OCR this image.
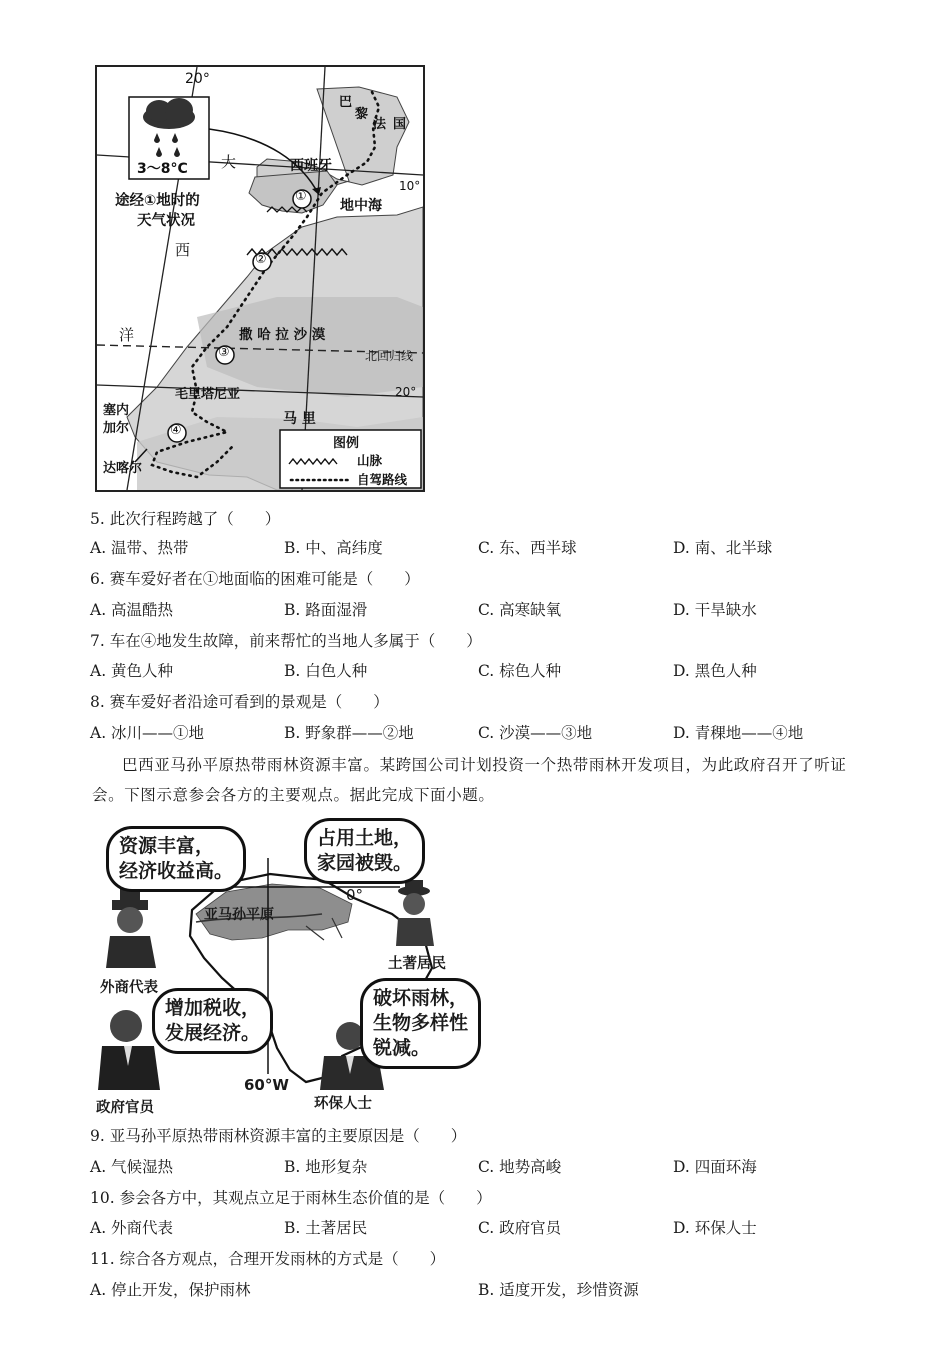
20°
3～8°C
途经①地时的
天气状况
大
西
洋
西班牙
巴
黎
法 国
10°
地中海
撒 哈 拉 沙 漠
北回归线
20°
毛里塔尼亚
塞内
加尔
达喀尔
马 里
①
②
③
④
图例
山脉
自驾路线
5. 此次行程跨越了（　　）
A. 温带、热带	B. 中、高纬度	C. 东、西半球	D. 南、北半球
6. 赛车爱好者在①地面临的困难可能是（　　）
A. 高温酷热	B. 路面湿滑	C. 高寒缺氧	D. 干旱缺水
7. 车在④地发生故障，前来帮忙的当地人多属于（　　）
A. 黄色人种	B. 白色人种	C. 棕色人种	D. 黑色人种
8. 赛车爱好者沿途可看到的景观是（　　）
A. 冰川——①地	B. 野象群——②地	C. 沙漠——③地	D. 青稞地——④地
巴西亚马孙平原热带雨林资源丰富。某跨国公司计划投资一个热带雨林开发项目，为此政府召开了听证会。下图示意参会各方的主要观点。据此完成下面小题。
资源丰富，
经济收益高。
占用土地，
家园被毁。
增加税收，
发展经济。
破坏雨林，
生物多样性
锐减。
亚马孙平原
0°
60°W
外商代表
土著居民
政府官员	环保人士
9. 亚马孙平原热带雨林资源丰富的主要原因是（　　）
A. 气候湿热	B. 地形复杂	C. 地势高峻	D. 四面环海
10. 参会各方中，其观点立足于雨林生态价值的是（　　）
A. 外商代表	B. 土著居民	C. 政府官员	D. 环保人士
11. 综合各方观点，合理开发雨林的方式是（　　）
A. 停止开发，保护雨林	B. 适度开发，珍惜资源
